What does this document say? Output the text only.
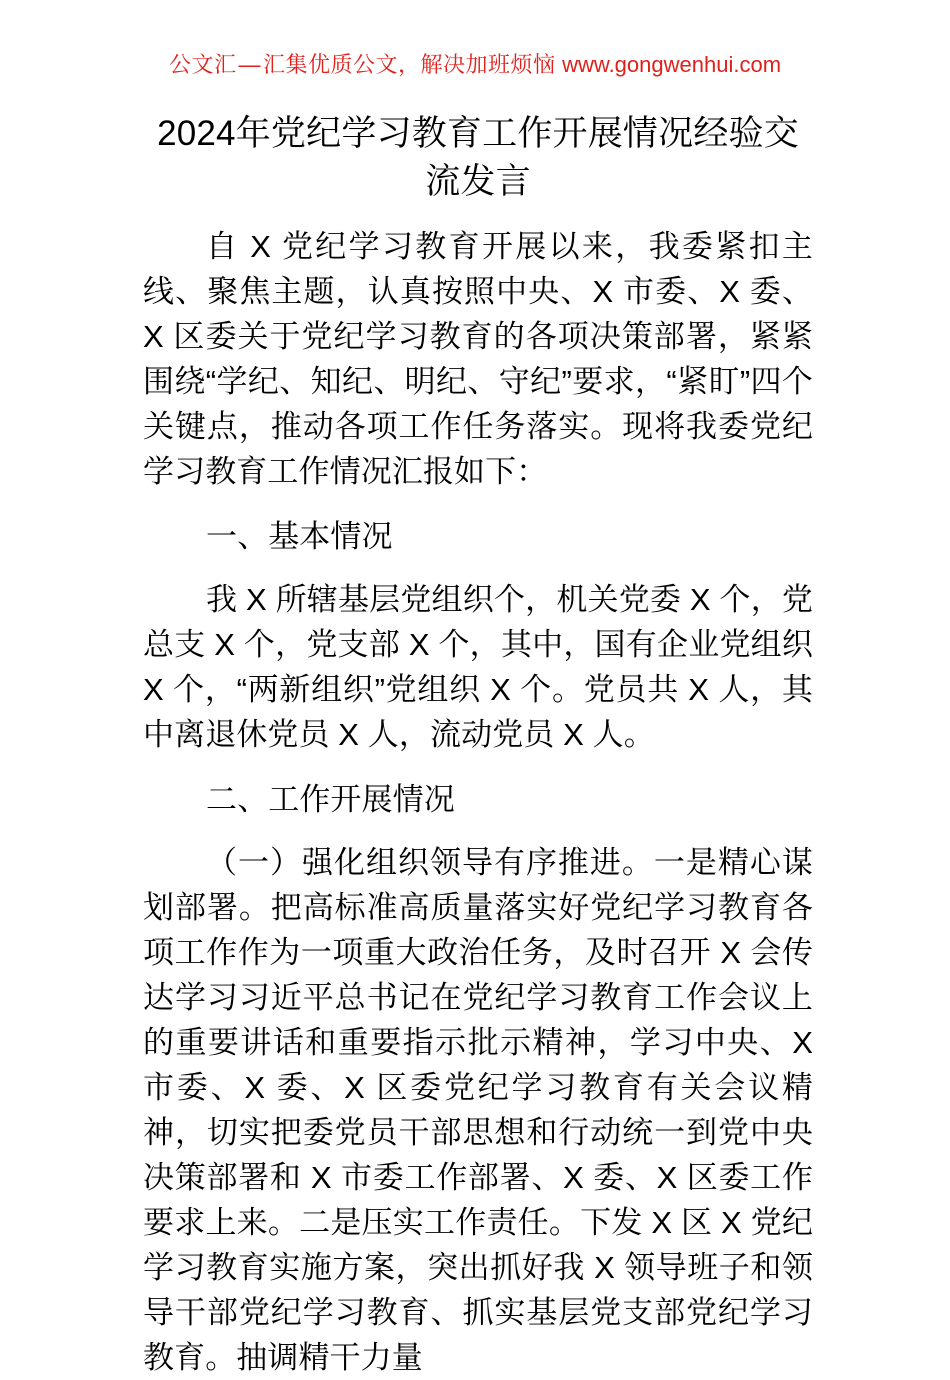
公文汇—汇集优质公文，解决加班烦恼 www.gongwenhui.com
2024年党纪学习教育工作开展情况经验交流发言

自 X 党纪学习教育开展以来，我委紧扣主线、聚焦主题，认真按照中央、X 市委、X 委、X 区委关于党纪学习教育的各项决策部署，紧紧围绕“学纪、知纪、明纪、守纪”要求，“紧盯”四个关键点，推动各项工作任务落实。现将我委党纪学习教育工作情况汇报如下：

一、基本情况

我 X 所辖基层党组织个，机关党委 X 个，党总支 X 个，党支部 X 个，其中，国有企业党组织 X 个，“两新组织”党组织 X 个。党员共 X 人，其中离退休党员 X 人，流动党员 X 人。

二、工作开展情况

（一）强化组织领导有序推进。一是精心谋划部署。把高标准高质量落实好党纪学习教育各项工作作为一项重大政治任务，及时召开 X 会传达学习习近平总书记在党纪学习教育工作会议上的重要讲话和重要指示批示精神，学习中央、X 市委、X 委、X 区委党纪学习教育有关会议精神，切实把委党员干部思想和行动统一到党中央决策部署和 X 市委工作部署、X 委、X 区委工作要求上来。二是压实工作责任。下发 X 区 X 党纪学习教育实施方案，突出抓好我 X 领导班子和领导干部党纪学习教育、抓实基层党支部党纪学习教育。抽调精干力量
